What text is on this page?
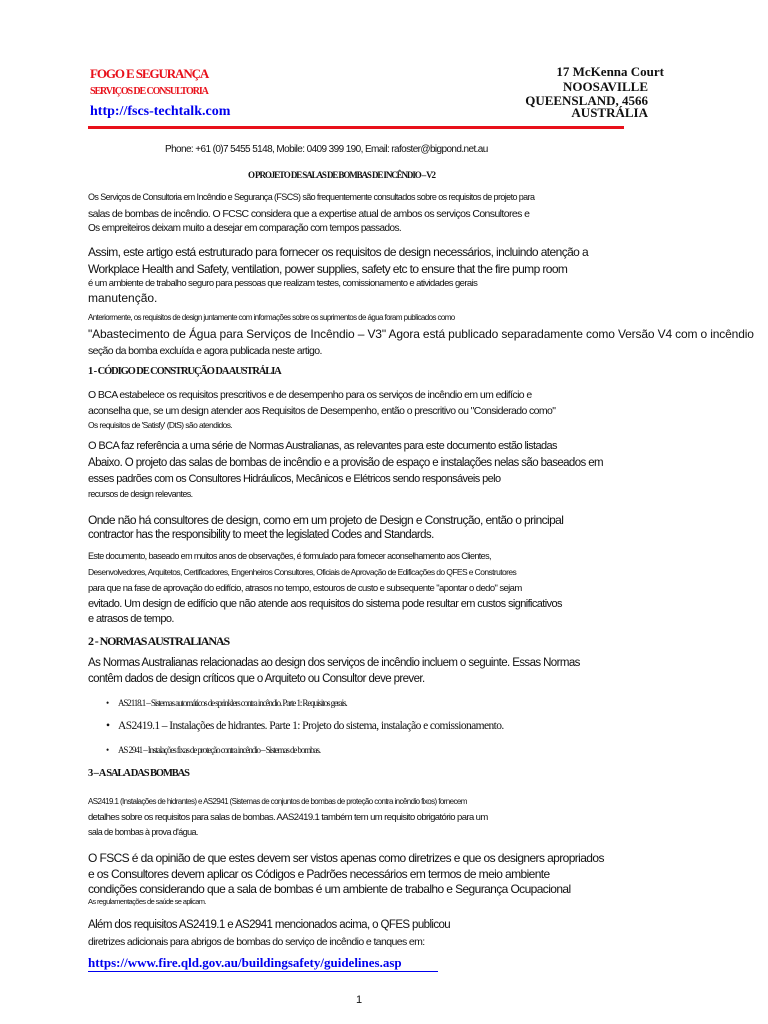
FOGO E SEGURANÇA
SERVIÇOS DE CONSULTORIA
http://fscs-techtalk.com
17 McKenna Court
NOOSAVILLE
QUEENSLAND, 4566
AUSTRÁLIA
Phone: +61 (0)7 5455 5148, Mobile: 0409 399 190, Email: rafoster@bigpond.net.au
O PROJETO DE SALAS DE BOMBAS DE INCÊNDIO – V2
Os Serviços de Consultoria em Incêndio e Segurança (FSCS) são frequentemente consultados sobre os requisitos de projeto para
salas de bombas de incêndio. O FCSC considera que a expertise atual de ambos os serviços Consultores e
Os empreiteiros deixam muito a desejar em comparação com tempos passados.
Assim, este artigo está estruturado para fornecer os requisitos de design necessários, incluindo atenção a
Workplace Health and Safety, ventilation, power supplies, safety etc to ensure that the fire pump room
é um ambiente de trabalho seguro para pessoas que realizam testes, comissionamento e atividades gerais
manutenção.
Anteriormente, os requisitos de design juntamente com informações sobre os suprimentos de água foram publicados como
"Abastecimento de Água para Serviços de Incêndio – V3" Agora está publicado separadamente como Versão V4 com o incêndio
seção da bomba excluída e agora publicada neste artigo.
1 - CÓDIGO DE CONSTRUÇÃO DA AUSTRÁLIA
O BCA estabelece os requisitos prescritivos e de desempenho para os serviços de incêndio em um edifício e
aconselha que, se um design atender aos Requisitos de Desempenho, então o prescritivo ou "Considerado como"
Os requisitos de 'Satisfy' (DtS) são atendidos.
O BCA faz referência a uma série de Normas Australianas, as relevantes para este documento estão listadas
Abaixo. O projeto das salas de bombas de incêndio e a provisão de espaço e instalações nelas são baseados em
esses padrões com os Consultores Hidráulicos, Mecânicos e Elétricos sendo responsáveis pelo
recursos de design relevantes.
Onde não há consultores de design, como em um projeto de Design e Construção, então o principal
contractor has the responsibility to meet the legislated Codes and Standards.
Este documento, baseado em muitos anos de observações, é formulado para fornecer aconselhamento aos Clientes,
Desenvolvedores, Arquitetos, Certificadores, Engenheiros Consultores, Oficiais de Aprovação de Edificações do QFES e Construtores
para que na fase de aprovação do edifício, atrasos no tempo, estouros de custo e subsequente "apontar o dedo" sejam
evitado. Um design de edifício que não atende aos requisitos do sistema pode resultar em custos significativos
e atrasos de tempo.
2 - NORMAS AUSTRALIANAS
As Normas Australianas relacionadas ao design dos serviços de incêndio incluem o seguinte. Essas Normas
contêm dados de design críticos que o Arquiteto ou Consultor deve prever.
• AS2118.1 – Sistemas automáticos de sprinklers contra incêndio. Parte 1: Requisitos gerais.
• AS2419.1 – Instalações de hidrantes. Parte 1: Projeto do sistema, instalação e comissionamento.
• AS 2941 – Instalações fixas de proteção contra incêndio – Sistemas de bombas.
3 – A SALA DAS BOMBAS
AS2419.1 (Instalações de hidrantes) e AS2941 (Sistemas de conjuntos de bombas de proteção contra incêndio fixos) fornecem
detalhes sobre os requisitos para salas de bombas. AAS2419.1 também tem um requisito obrigatório para um
sala de bombas à prova d'água.
O FSCS é da opinião de que estes devem ser vistos apenas como diretrizes e que os designers apropriados
e os Consultores devem aplicar os Códigos e Padrões necessários em termos de meio ambiente
condições considerando que a sala de bombas é um ambiente de trabalho e Segurança Ocupacional
As regulamentações de saúde se aplicam.
Além dos requisitos AS2419.1 e AS2941 mencionados acima, o QFES publicou
diretrizes adicionais para abrigos de bombas do serviço de incêndio e tanques em:
https://www.fire.qld.gov.au/buildingsafety/guidelines.asp
1
